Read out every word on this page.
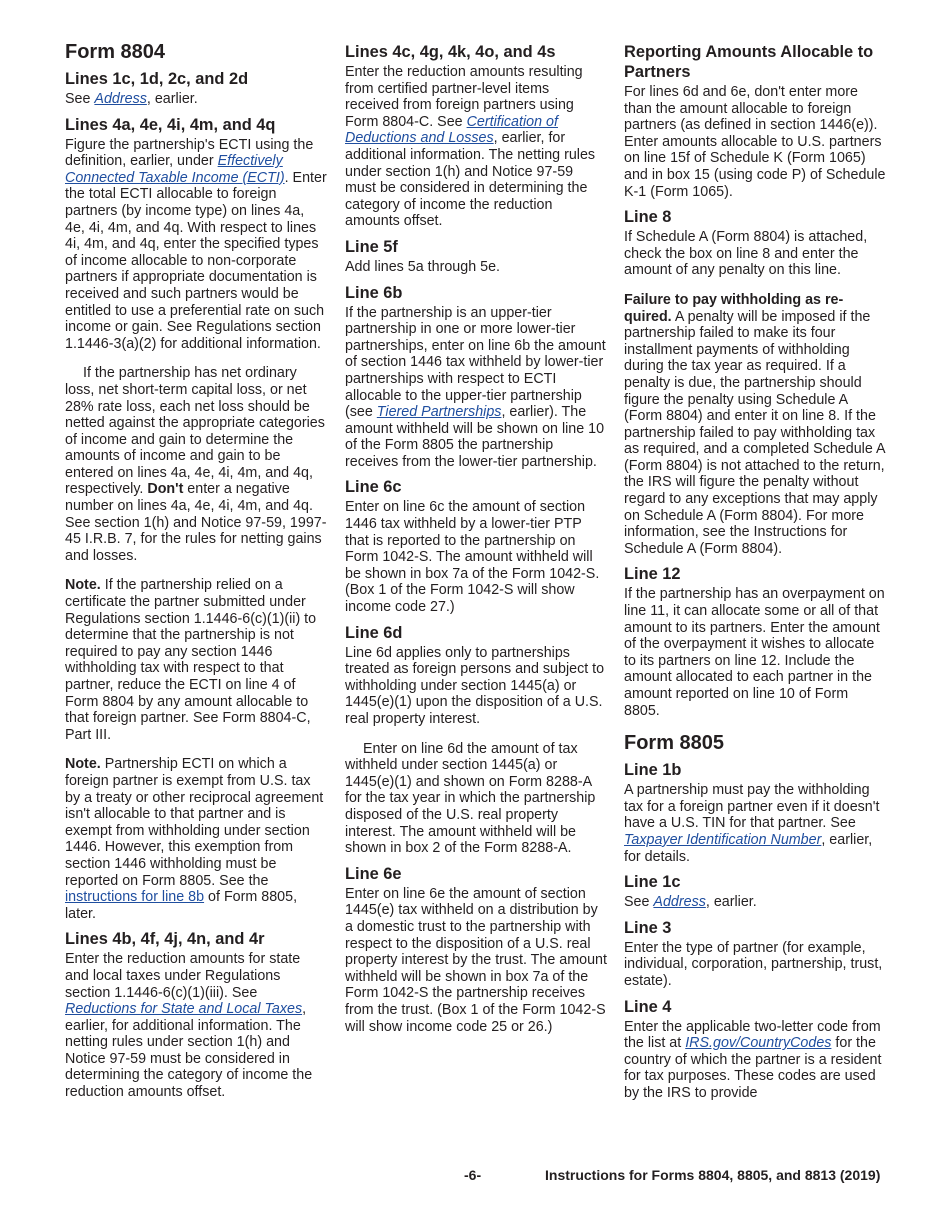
Form 8804
Lines 1c, 1d, 2c, and 2d

See Address, earlier.

Lines 4a, 4e, 4i, 4m, and 4q

Figure the partnership's ECTI using the definition, earlier, under Effectively Connected Taxable Income (ECTI). Enter the total ECTI allocable to foreign partners (by income type) on lines 4a, 4e, 4i, 4m, and 4q. With respect to lines 4i, 4m, and 4q, enter the specified types of income allocable to non-corporate partners if appropriate documentation is received and such partners would be entitled to use a preferential rate on such income or gain. See Regulations section 1.1446-3(a)(2) for additional information.

If the partnership has net ordinary loss, net short-term capital loss, or net 28% rate loss, each net loss should be netted against the appropriate categories of income and gain to determine the amounts of income and gain to be entered on lines 4a, 4e, 4i, 4m, and 4q, respectively. Don't enter a negative number on lines 4a, 4e, 4i, 4m, and 4q. See section 1(h) and Notice 97-59, 1997-45 I.R.B. 7, for the rules for netting gains and losses.

Note. If the partnership relied on a certificate the partner submitted under Regulations section 1.1446-6(c)(1)(ii) to determine that the partnership is not required to pay any section 1446 withholding tax with respect to that partner, reduce the ECTI on line 4 of Form 8804 by any amount allocable to that foreign partner. See Form 8804-C, Part III.

Note. Partnership ECTI on which a foreign partner is exempt from U.S. tax by a treaty or other reciprocal agreement isn't allocable to that partner and is exempt from withholding under section 1446. However, this exemption from section 1446 withholding must be reported on Form 8805. See the instructions for line 8b of Form 8805, later.

Lines 4b, 4f, 4j, 4n, and 4r

Enter the reduction amounts for state and local taxes under Regulations section 1.1446-6(c)(1)(iii). See Reductions for State and Local Taxes, earlier, for additional information. The netting rules under section 1(h) and Notice 97-59 must be considered in determining the category of income the reduction amounts offset.

Lines 4c, 4g, 4k, 4o, and 4s

Enter the reduction amounts resulting from certified partner-level items received from foreign partners using Form 8804-C. See Certification of Deductions and Losses, earlier, for additional information. The netting rules under section 1(h) and Notice 97-59 must be considered in determining the category of income the reduction amounts offset.

Line 5f

Add lines 5a through 5e.

Line 6b

If the partnership is an upper-tier partnership in one or more lower-tier partnerships, enter on line 6b the amount of section 1446 tax withheld by lower-tier partnerships with respect to ECTI allocable to the upper-tier partnership (see Tiered Partnerships, earlier). The amount withheld will be shown on line 10 of the Form 8805 the partnership receives from the lower-tier partnership.

Line 6c

Enter on line 6c the amount of section 1446 tax withheld by a lower-tier PTP that is reported to the partnership on Form 1042-S. The amount withheld will be shown in box 7a of the Form 1042-S. (Box 1 of the Form 1042-S will show income code 27.)

Line 6d

Line 6d applies only to partnerships treated as foreign persons and subject to withholding under section 1445(a) or 1445(e)(1) upon the disposition of a U.S. real property interest.

Enter on line 6d the amount of tax withheld under section 1445(a) or 1445(e)(1) and shown on Form 8288-A for the tax year in which the partnership disposed of the U.S. real property interest. The amount withheld will be shown in box 2 of the Form 8288-A.

Line 6e

Enter on line 6e the amount of section 1445(e) tax withheld on a distribution by a domestic trust to the partnership with respect to the disposition of a U.S. real property interest by the trust. The amount withheld will be shown in box 7a of the Form 1042-S the partnership receives from the trust. (Box 1 of the Form 1042-S will show income code 25 or 26.)

Reporting Amounts Allocable to Partners

For lines 6d and 6e, don't enter more than the amount allocable to foreign partners (as defined in section 1446(e)). Enter amounts allocable to U.S. partners on line 15f of Schedule K (Form 1065) and in box 15 (using code P) of Schedule K-1 (Form 1065).

Line 8

If Schedule A (Form 8804) is attached, check the box on line 8 and enter the amount of any penalty on this line.

Failure to pay withholding as re- quired. A penalty will be imposed if the partnership failed to make its four installment payments of withholding during the tax year as required. If a penalty is due, the partnership should figure the penalty using Schedule A (Form 8804) and enter it on line 8. If the partnership failed to pay withholding tax as required, and a completed Schedule A (Form 8804) is not attached to the return, the IRS will figure the penalty without regard to any exceptions that may apply on Schedule A (Form 8804). For more information, see the Instructions for Schedule A (Form 8804).

Line 12

If the partnership has an overpayment on line 11, it can allocate some or all of that amount to its partners. Enter the amount of the overpayment it wishes to allocate to its partners on line 12. Include the amount allocated to each partner in the amount reported on line 10 of Form 8805.

Form 8805
Line 1b

A partnership must pay the withholding tax for a foreign partner even if it doesn't have a U.S. TIN for that partner. See Taxpayer Identification Number, earlier, for details.

Line 1c

See Address, earlier.

Line 3

Enter the type of partner (for example, individual, corporation, partnership, trust, estate).

Line 4

Enter the applicable two-letter code from the list at IRS.gov/CountryCodes for the country of which the partner is a resident for tax purposes. These codes are used by the IRS to provide

-6-	Instructions for Forms 8804, 8805, and 8813 (2019)
